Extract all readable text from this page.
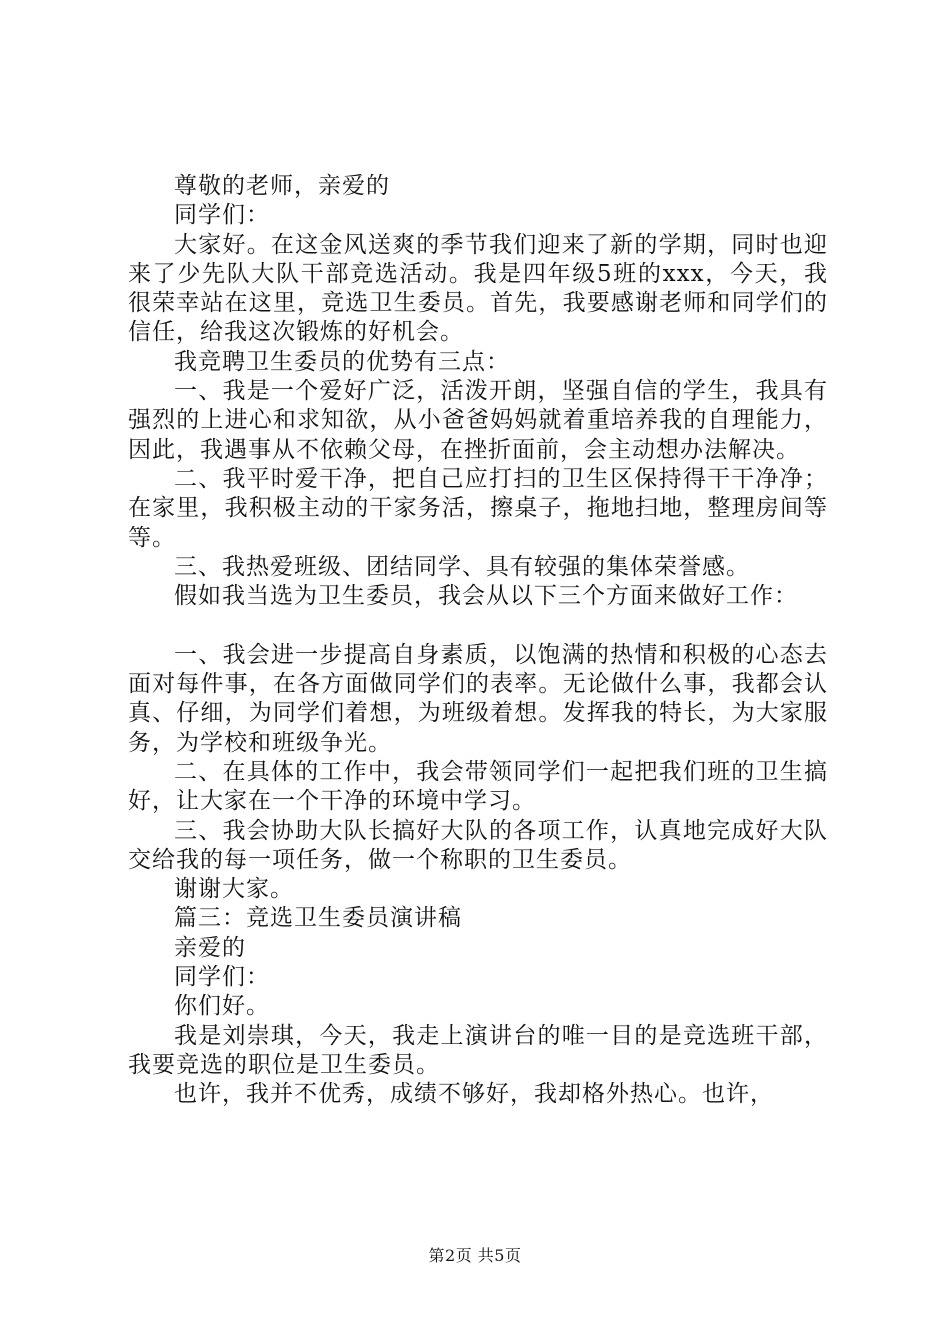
尊敬的老师，亲爱的

同学们：

大家好。在这金风送爽的季节我们迎来了新的学期，同时也迎来了少先队大队干部竞选活动。我是四年级5班的xxx，今天，我很荣幸站在这里，竞选卫生委员。首先，我要感谢老师和同学们的信任，给我这次锻炼的好机会。

我竞聘卫生委员的优势有三点：

一、我是一个爱好广泛，活泼开朗，坚强自信的学生，我具有强烈的上进心和求知欲，从小爸爸妈妈就着重培养我的自理能力，因此，我遇事从不依赖父母，在挫折面前，会主动想办法解决。

二、我平时爱干净，把自己应打扫的卫生区保持得干干净净；在家里，我积极主动的干家务活，擦桌子，拖地扫地，整理房间等等。

三、我热爱班级、团结同学、具有较强的集体荣誉感。

假如我当选为卫生委员，我会从以下三个方面来做好工作：

一、我会进一步提高自身素质，以饱满的热情和积极的心态去面对每件事，在各方面做同学们的表率。无论做什么事，我都会认真、仔细，为同学们着想，为班级着想。发挥我的特长，为大家服务，为学校和班级争光。

二、在具体的工作中，我会带领同学们一起把我们班的卫生搞好，让大家在一个干净的环境中学习。

三、我会协助大队长搞好大队的各项工作，认真地完成好大队交给我的每一项任务，做一个称职的卫生委员。

谢谢大家。

篇三：竞选卫生委员演讲稿

亲爱的

同学们：

你们好。

我是刘崇琪，今天，我走上演讲台的唯一目的是竞选班干部，我要竞选的职位是卫生委员。

也许，我并不优秀，成绩不够好，我却格外热心。也许，

第2页 共5页
